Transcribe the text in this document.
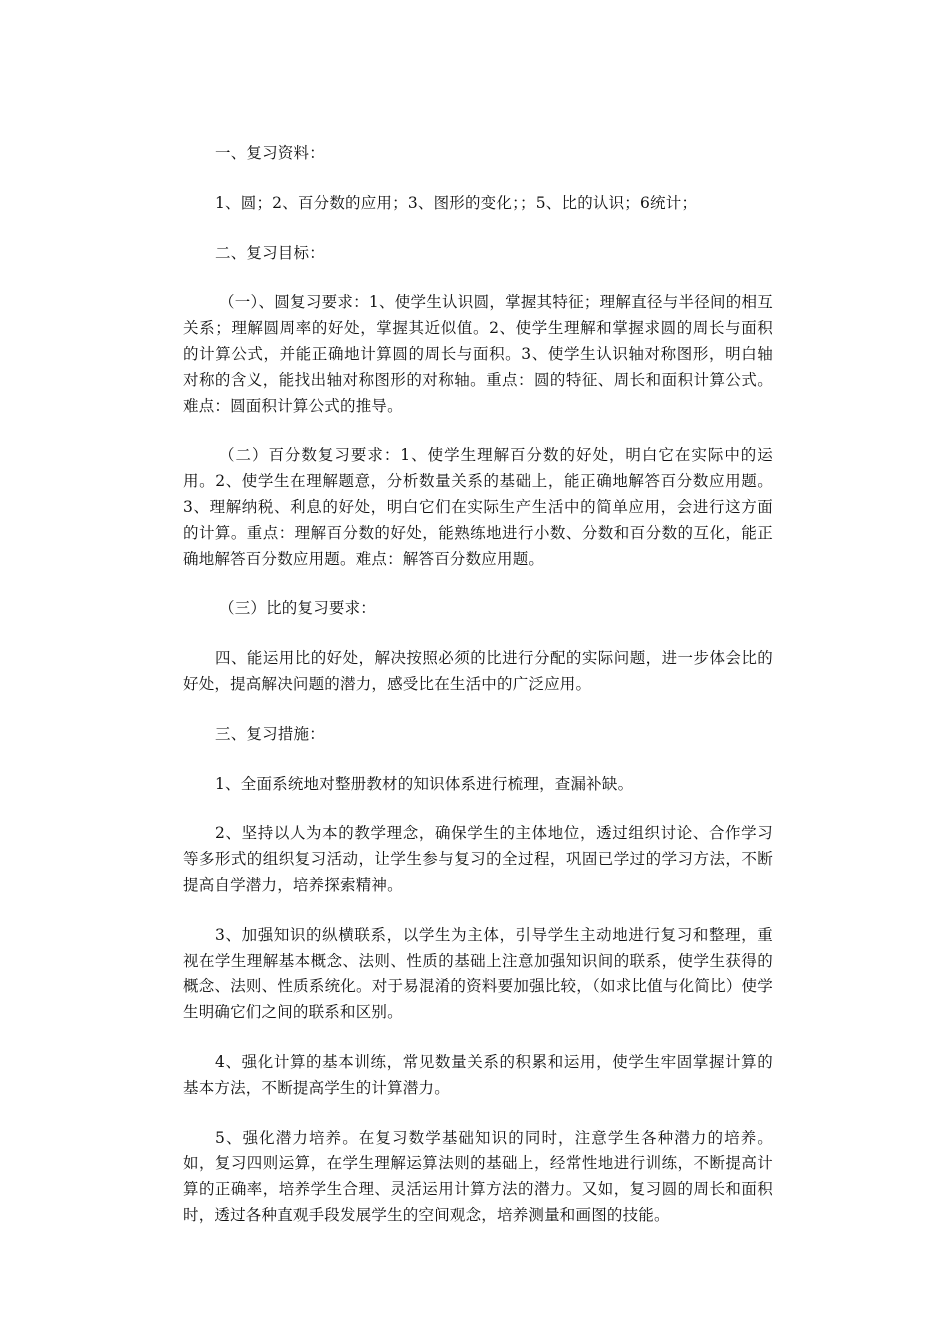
一、复习资料：

1、圆；2、百分数的应用；3、图形的变化；；5、比的认识；6统计；

二、复习目标：

（一）、圆复习要求：1、使学生认识圆，掌握其特征；理解直径与半径间的相互关系；理解圆周率的好处，掌握其近似值。2、使学生理解和掌握求圆的周长与面积的计算公式，并能正确地计算圆的周长与面积。3、使学生认识轴对称图形，明白轴对称的含义，能找出轴对称图形的对称轴。重点：圆的特征、周长和面积计算公式。难点：圆面积计算公式的推导。

（二）百分数复习要求：1、使学生理解百分数的好处，明白它在实际中的运用。2、使学生在理解题意，分析数量关系的基础上，能正确地解答百分数应用题。3、理解纳税、利息的好处，明白它们在实际生产生活中的简单应用，会进行这方面的计算。重点：理解百分数的好处，能熟练地进行小数、分数和百分数的互化，能正确地解答百分数应用题。难点：解答百分数应用题。

（三）比的复习要求：

四、能运用比的好处，解决按照必须的比进行分配的实际问题，进一步体会比的好处，提高解决问题的潜力，感受比在生活中的广泛应用。

三、复习措施：

1、全面系统地对整册教材的知识体系进行梳理，查漏补缺。

2、坚持以人为本的教学理念，确保学生的主体地位，透过组织讨论、合作学习等多形式的组织复习活动，让学生参与复习的全过程，巩固已学过的学习方法，不断提高自学潜力，培养探索精神。

3、加强知识的纵横联系，以学生为主体，引导学生主动地进行复习和整理，重视在学生理解基本概念、法则、性质的基础上注意加强知识间的联系，使学生获得的概念、法则、性质系统化。对于易混淆的资料要加强比较，（如求比值与化简比）使学生明确它们之间的联系和区别。

4、强化计算的基本训练，常见数量关系的积累和运用，使学生牢固掌握计算的基本方法，不断提高学生的计算潜力。

5、强化潜力培养。在复习数学基础知识的同时，注意学生各种潜力的培养。如，复习四则运算，在学生理解运算法则的基础上，经常性地进行训练，不断提高计算的正确率，培养学生合理、灵活运用计算方法的潜力。又如，复习圆的周长和面积时，透过各种直观手段发展学生的空间观念，培养测量和画图的技能。
